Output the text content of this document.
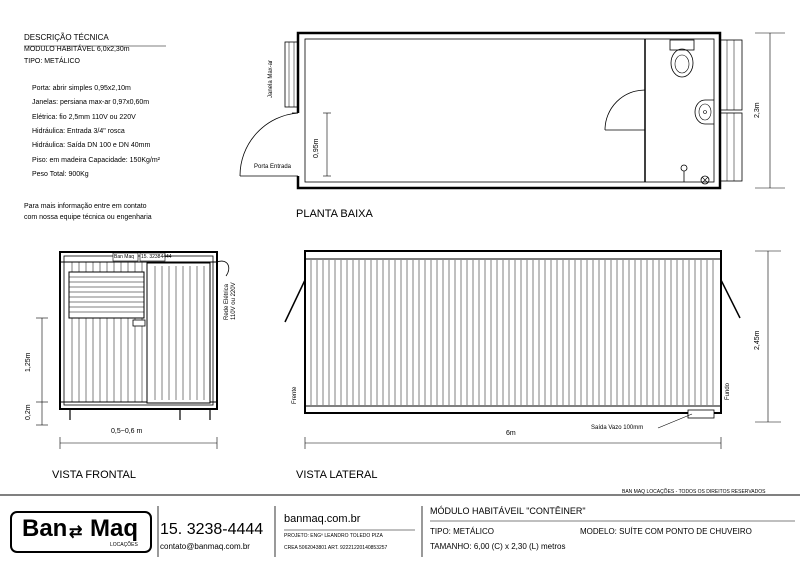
DESCRIÇÃO TÉCNICA
MODULO HABITÁVEL 6,0x2,30m
TIPO: METÁLICO
Porta: abrir simples 0,95x2,10m
Janelas: persiana max-ar 0,97x0,60m
Elétrica: fio 2,5mm 110V ou 220V
Hidráulica: Entrada 3/4" rosca
Hidráulica: Saída DN 100 e DN 40mm
Piso: em madeira Capacidade: 150Kg/m²
Peso Total: 900Kg
Para mais informação entre em contato
com nossa equipe técnica ou engenharia	PLANTA BAIXA
Janela Max-ar
Porta Entrada
0,95m
2,3m
Ban Maq 15. 32384444
Rede Elétrica 110V ou 220V
1,25m
0,2m
0,5~0,6 m
VISTA FRONTAL
Frente	Fundo
2,45m
6m
Saída Vazo 100mm
VISTA LATERAL
BAN MAQ LOCAÇÕES - TODOS OS DIREITOS RESERVADOS
Ban Maq
⇄
LOCAÇÕES
15. 3238-4444
contato@banmaq.com.br
banmaq.com.br
PROJETO: ENGº LEANDRO TOLEDO PIZA
CREA 5062043801 ART. 92221220140853257
MÓDULO HABITÁVEIL "CONTÊINER"
TIPO: METÁLICO	MODELO: SUÍTE COM PONTO DE CHUVEIRO
TAMANHO: 6,00 (C) x 2,30 (L) metros
